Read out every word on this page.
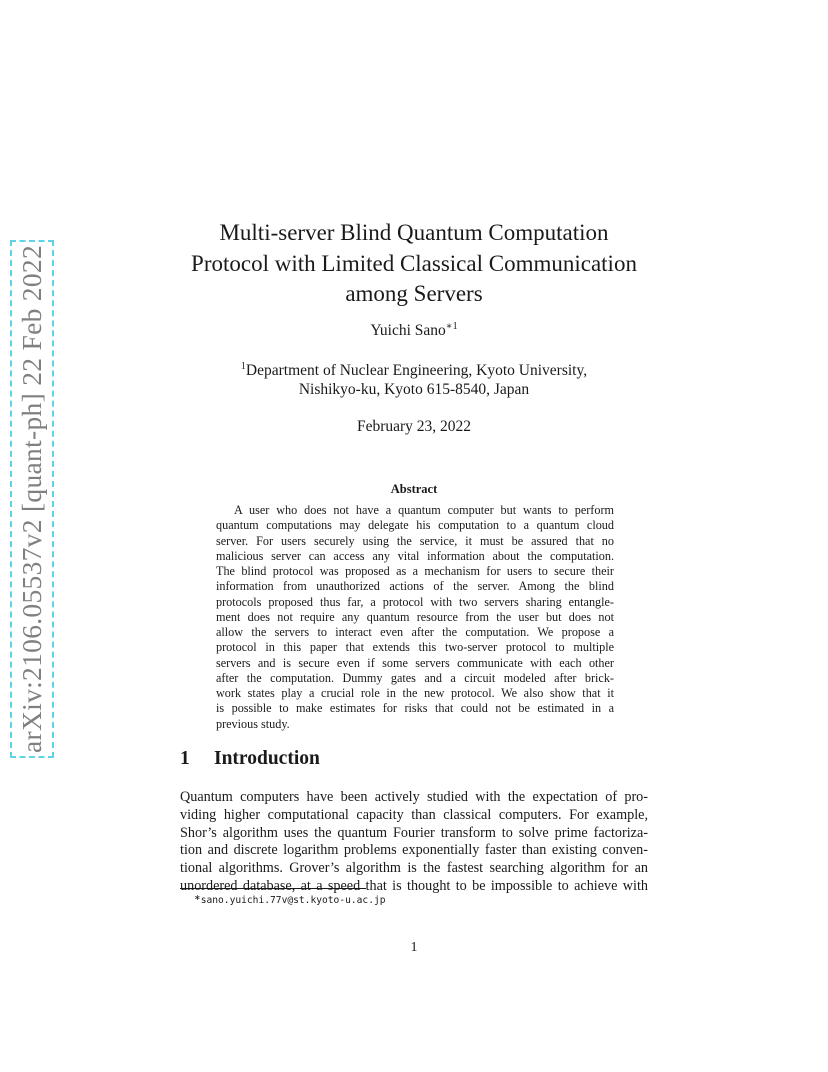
arXiv:2106.05537v2 [quant-ph] 22 Feb 2022
Multi-server Blind Quantum Computation
Protocol with Limited Classical Communication
among Servers
Yuichi Sano$^{∗1}$
$^1$Department of Nuclear Engineering, Kyoto University,
Nishikyo-ku, Kyoto 615-8540, Japan
February 23, 2022
Abstract
A user who does not have a quantum computer but wants to perform
quantum computations may delegate his computation to a quantum cloud
server. For users securely using the service, it must be assured that no
malicious server can access any vital information about the computation.
The blind protocol was proposed as a mechanism for users to secure their
information from unauthorized actions of the server. Among the blind
protocols proposed thus far, a protocol with two servers sharing entangle-
ment does not require any quantum resource from the user but does not
allow the servers to interact even after the computation. We propose a
protocol in this paper that extends this two-server protocol to multiple
servers and is secure even if some servers communicate with each other
after the computation. Dummy gates and a circuit modeled after brick-
work states play a crucial role in the new protocol. We also show that it
is possible to make estimates for risks that could not be estimated in a
previous study.
1 Introduction
Quantum computers have been actively studied with the expectation of pro-
viding higher computational capacity than classical computers. For example,
Shor’s algorithm uses the quantum Fourier transform to solve prime factoriza-
tion and discrete logarithm problems exponentially faster than existing conven-
tional algorithms. Grover’s algorithm is the fastest searching algorithm for an
unordered database, at a speed that is thought to be impossible to achieve with
∗sano.yuichi.77v@st.kyoto-u.ac.jp
1
